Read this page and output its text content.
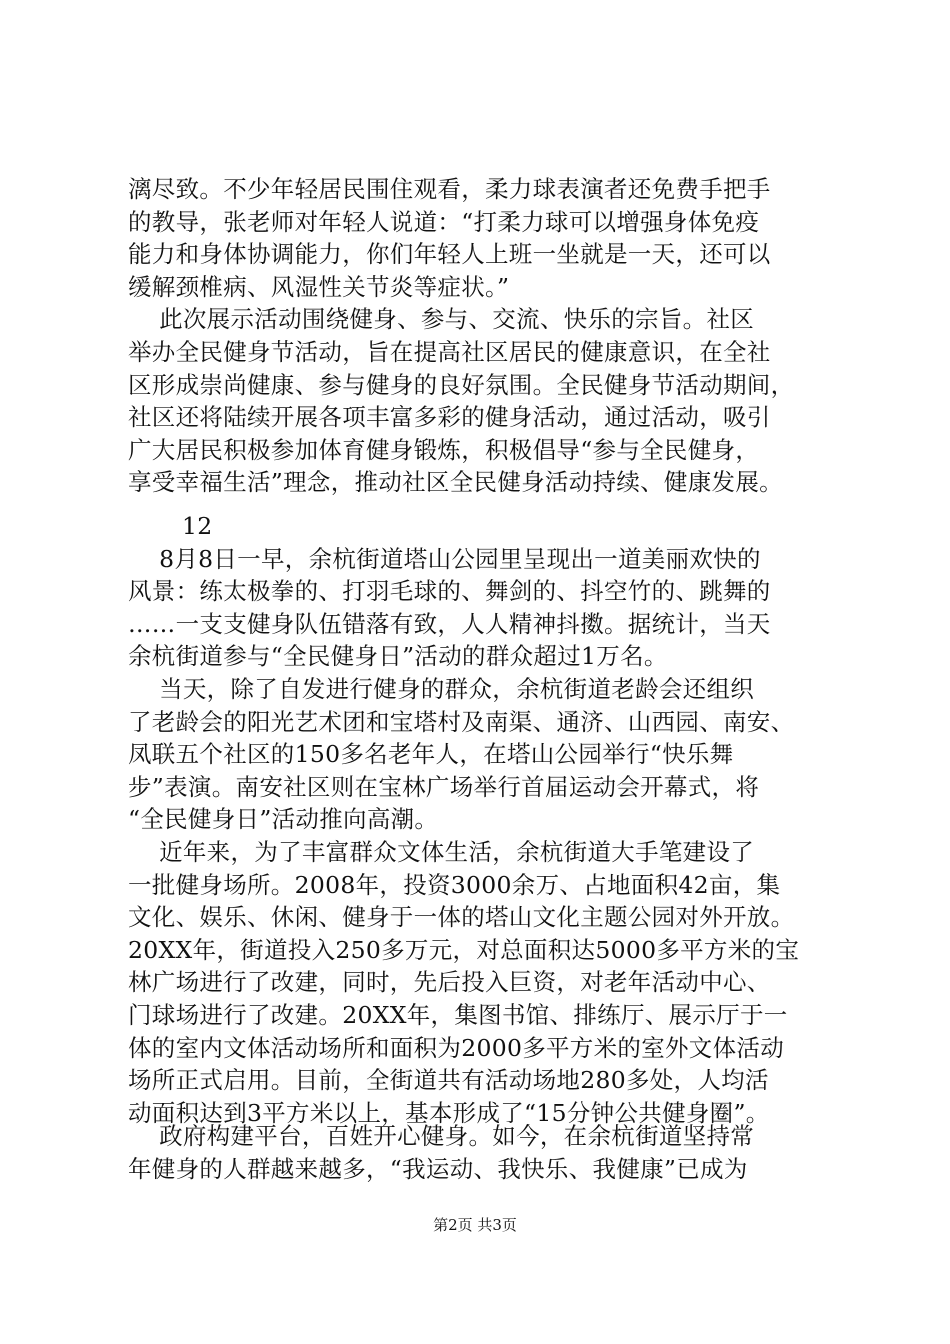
漓尽致。不少年轻居民围住观看，柔力球表演者还免费手把手
的教导，张老师对年轻人说道：“打柔力球可以增强身体免疫
能力和身体协调能力，你们年轻人上班一坐就是一天，还可以
缓解颈椎病、风湿性关节炎等症状。”
此次展示活动围绕健身、参与、交流、快乐的宗旨。社区
举办全民健身节活动，旨在提高社区居民的健康意识，在全社
区形成崇尚健康、参与健身的良好氛围。全民健身节活动期间，
社区还将陆续开展各项丰富多彩的健身活动，通过活动，吸引
广大居民积极参加体育健身锻炼，积极倡导“参与全民健身，
享受幸福生活”理念，推动社区全民健身活动持续、健康发展。
12
8月8日一早，余杭街道塔山公园里呈现出一道美丽欢快的
风景：练太极拳的、打羽毛球的、舞剑的、抖空竹的、跳舞的
……一支支健身队伍错落有致，人人精神抖擞。据统计，当天
余杭街道参与“全民健身日”活动的群众超过1万名。
当天，除了自发进行健身的群众，余杭街道老龄会还组织
了老龄会的阳光艺术团和宝塔村及南渠、通济、山西园、南安、
凤联五个社区的150多名老年人，在塔山公园举行“快乐舞
步”表演。南安社区则在宝林广场举行首届运动会开幕式，将
“全民健身日”活动推向高潮。
近年来，为了丰富群众文体生活，余杭街道大手笔建设了
一批健身场所。2008年，投资3000余万、占地面积42亩，集
文化、娱乐、休闲、健身于一体的塔山文化主题公园对外开放。
20XX年，街道投入250多万元，对总面积达5000多平方米的宝
林广场进行了改建，同时，先后投入巨资，对老年活动中心、
门球场进行了改建。20XX年，集图书馆、排练厅、展示厅于一
体的室内文体活动场所和面积为2000多平方米的室外文体活动
场所正式启用。目前，全街道共有活动场地280多处，人均活
动面积达到3平方米以上，基本形成了“15分钟公共健身圈”。
政府构建平台，百姓开心健身。如今，在余杭街道坚持常
年健身的人群越来越多，“我运动、我快乐、我健康”已成为
第2页 共3页
